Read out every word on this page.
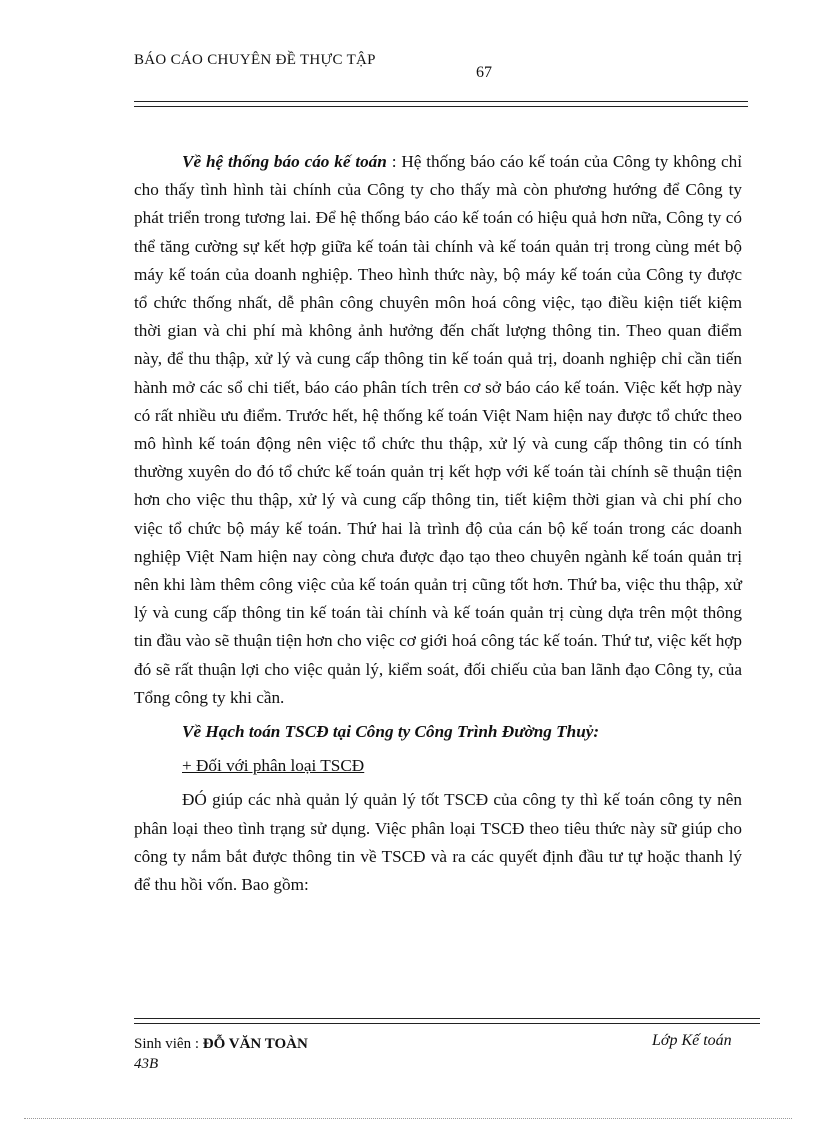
BÁO CÁO CHUYÊN ĐỀ THỰC TẬP
67

Về hệ thống báo cáo kế toán : Hệ thống báo cáo kế toán của Công ty không chỉ cho thấy tình hình tài chính của Công ty cho thấy mà còn phương hướng để Công ty phát triển trong tương lai. Để hệ thống báo cáo kế toán có hiệu quả hơn nữa, Công ty có thể tăng cường sự kết hợp giữa kế toán tài chính và kế toán quản trị trong cùng mét bộ máy kế toán của doanh nghiệp. Theo hình thức này, bộ máy kế toán của Công ty được tổ chức thống nhất, dễ phân công chuyên môn hoá công việc, tạo điều kiện tiết kiệm thời gian và chi phí mà không ảnh hưởng đến chất lượng thông tin. Theo quan điểm này, để thu thập, xử lý và cung cấp thông tin kế toán quả trị, doanh nghiệp chỉ cần tiến hành mở các sổ chi tiết, báo cáo phân tích trên cơ sở báo cáo kế toán. Việc kết hợp này có rất nhiều ưu điểm. Trước hết, hệ thống kế toán Việt Nam hiện nay được tổ chức theo mô hình kế toán động nên việc tổ chức thu thập, xử lý và cung cấp thông tin có tính thường xuyên do đó tổ chức kế toán quản trị kết hợp với kế toán tài chính sẽ thuận tiện hơn cho việc thu thập, xử lý và cung cấp thông tin, tiết kiệm thời gian và chi phí cho việc tổ chức bộ máy kế toán. Thứ hai là trình độ của cán bộ kế toán trong các doanh nghiệp Việt Nam hiện nay còng chưa được đạo tạo theo chuyên ngành kế toán quản trị nên khi làm thêm công việc của kế toán quản trị cũng tốt hơn. Thứ ba, việc thu thập, xử lý và cung cấp thông tin kế toán tài chính và kế toán quản trị cùng dựa trên một thông tin đầu vào sẽ thuận tiện hơn cho việc cơ giới hoá công tác kế toán. Thứ tư, việc kết hợp đó sẽ rất thuận lợi cho việc quản lý, kiểm soát, đối chiếu của ban lãnh đạo Công ty, của Tổng công ty khi cần.

Về Hạch toán TSCĐ tại Công ty Công Trình Đường Thuỷ:

+ Đối với phân loại TSCĐ

ĐÓ giúp các nhà quản lý quản lý tốt TSCĐ của công ty thì kế toán công ty nên phân loại theo tình trạng sử dụng. Việc phân loại TSCĐ theo tiêu thức này sữ giúp cho công ty nắm bắt được thông tin về TSCĐ và ra các quyết định đầu tư tự hoặc thanh lý để thu hồi vốn. Bao gồm:

Sinh viên : ĐỖ VĂN TOÀN
43B
Lớp Kế toán
